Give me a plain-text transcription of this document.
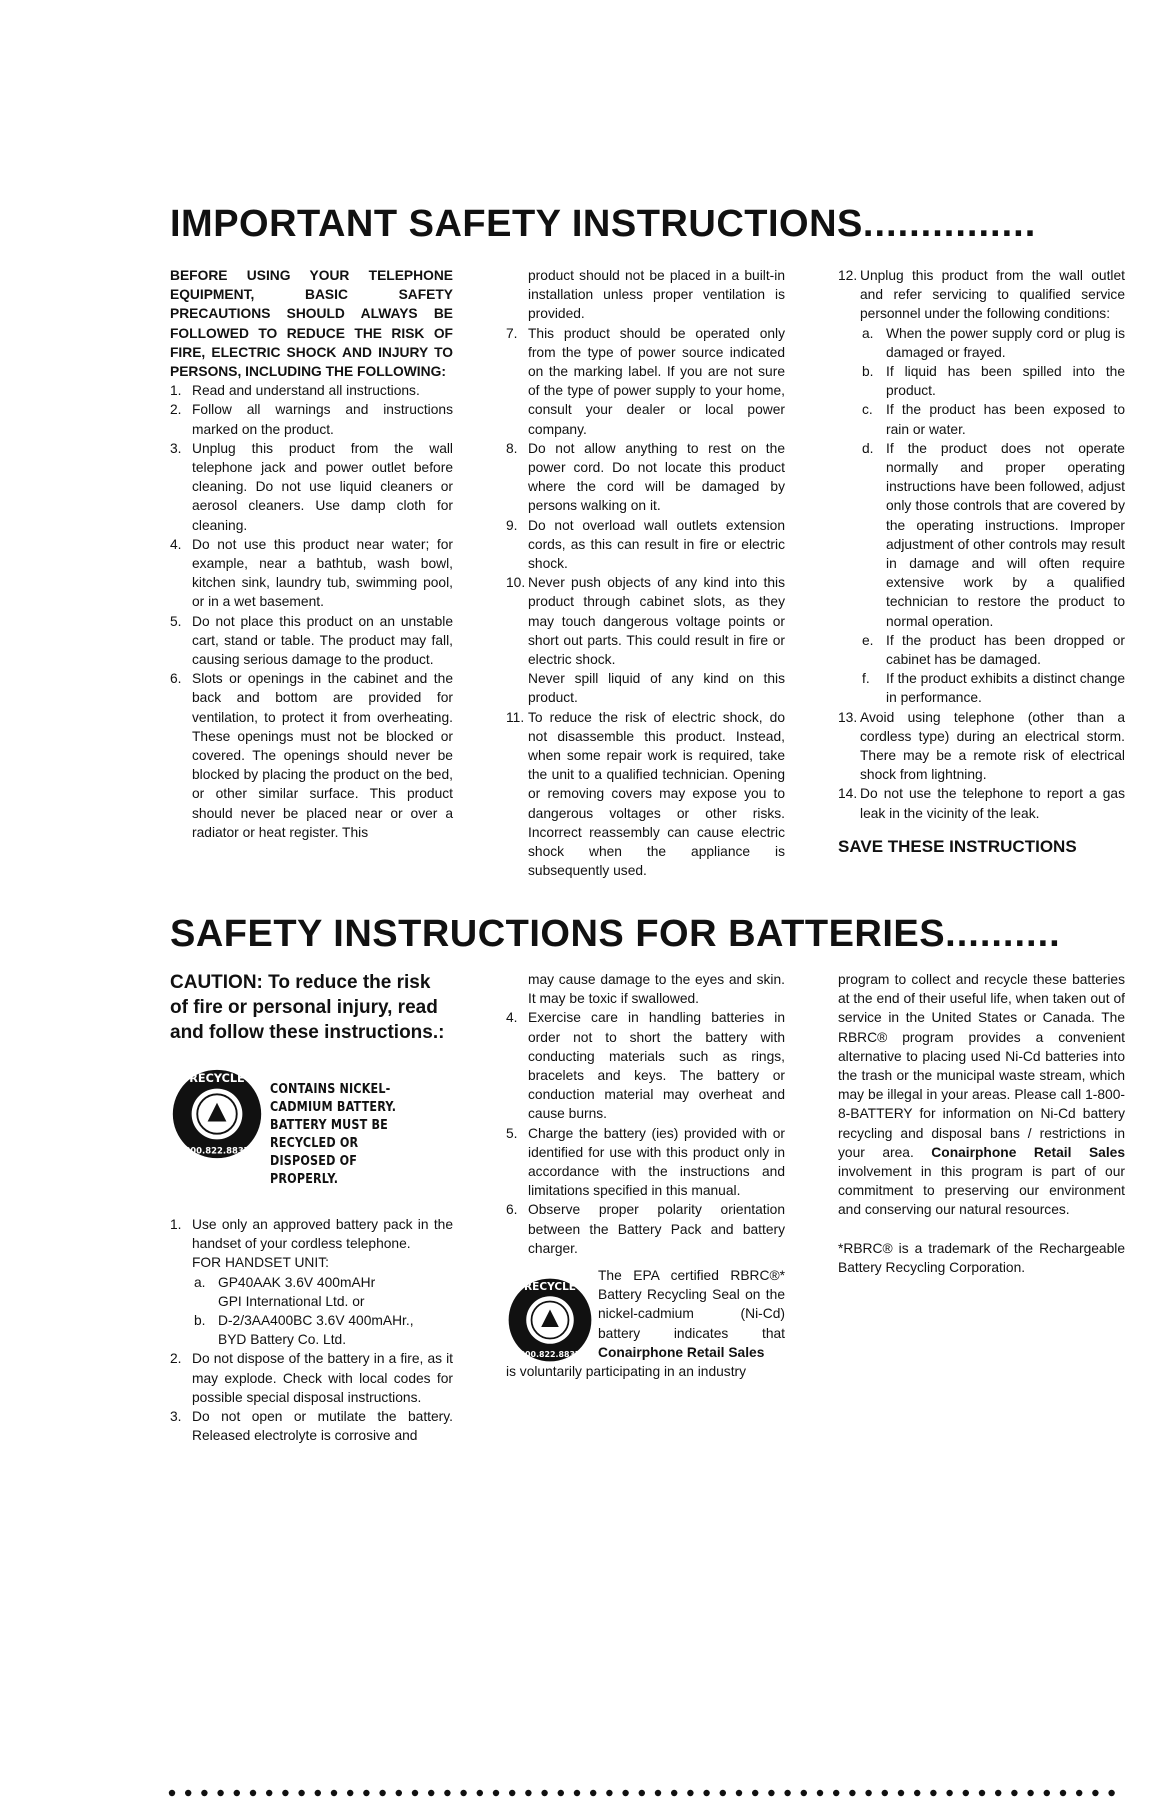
IMPORTANT SAFETY INSTRUCTIONS...............
BEFORE USING YOUR TELEPHONE EQUIPMENT, BASIC SAFETY PRECAUTIONS SHOULD ALWAYS BE FOLLOWED TO REDUCE THE RISK OF FIRE, ELECTRIC SHOCK AND INJURY TO PERSONS, INCLUDING THE FOLLOWING:
1. Read and understand all instructions.
2. Follow all warnings and instructions marked on the product.
3. Unplug this product from the wall telephone jack and power outlet before cleaning. Do not use liquid cleaners or aerosol cleaners. Use damp cloth for cleaning.
4. Do not use this product near water; for example, near a bathtub, wash bowl, kitchen sink, laundry tub, swimming pool, or in a wet basement.
5. Do not place this product on an unstable cart, stand or table. The product may fall, causing serious damage to the product.
6. Slots or openings in the cabinet and the back and bottom are provided for ventilation, to protect it from overheating. These openings must not be blocked or covered. The openings should never be blocked by placing the product on the bed, or other similar surface. This product should never be placed near or over a radiator or heat register. This
product should not be placed in a built-in installation unless proper ventilation is provided.
7. This product should be operated only from the type of power source indicated on the marking label. If you are not sure of the type of power supply to your home, consult your dealer or local power company.
8. Do not allow anything to rest on the power cord. Do not locate this product where the cord will be damaged by persons walking on it.
9. Do not overload wall outlets extension cords, as this can result in fire or electric shock.
10. Never push objects of any kind into this product through cabinet slots, as they may touch dangerous voltage points or short out parts. This could result in fire or electric shock.
Never spill liquid of any kind on this product.
11. To reduce the risk of electric shock, do not disassemble this product. Instead, when some repair work is required, take the unit to a qualified technician. Opening or removing covers may expose you to dangerous voltages or other risks. Incorrect reassembly can cause electric shock when the appliance is subsequently used.
12. Unplug this product from the wall outlet and refer servicing to qualified service personnel under the following conditions:
a. When the power supply cord or plug is damaged or frayed.
b. If liquid has been spilled into the product.
c. If the product has been exposed to rain or water.
d. If the product does not operate normally and proper operating instructions have been followed, adjust only those controls that are covered by the operating instructions. Improper adjustment of other controls may result in damage and will often require extensive work by a qualified technician to restore the product to normal operation.
e. If the product has been dropped or cabinet has be damaged.
f. If the product exhibits a distinct change in performance.
13. Avoid using telephone (other than a cordless type) during an electrical storm. There may be a remote risk of electrical shock from lightning.
14. Do not use the telephone to report a gas leak in the vicinity of the leak.
SAVE THESE INSTRUCTIONS
SAFETY INSTRUCTIONS FOR BATTERIES..........
CAUTION: To reduce the risk of fire or personal injury, read and follow these instructions.:
RECYCLE
800.822.8837
CONTAINS NICKEL-CADMIUM BATTERY. BATTERY MUST BE RECYCLED OR DISPOSED OF PROPERLY.
1. Use only an approved battery pack in the handset of your cordless telephone.
FOR HANDSET UNIT:
a. GP40AAK 3.6V 400mAHr
GPI International Ltd. or
b. D-2/3AA400BC 3.6V 400mAHr.,
BYD Battery Co. Ltd.
2. Do not dispose of the battery in a fire, as it may explode. Check with local codes for possible special disposal instructions.
3. Do not open or mutilate the battery. Released electrolyte is corrosive and
may cause damage to the eyes and skin. It may be toxic if swallowed.
4. Exercise care in handling batteries in order not to short the battery with conducting materials such as rings, bracelets and keys. The battery or conduction material may overheat and cause burns.
5. Charge the battery (ies) provided with or identified for use with this product only in accordance with the instructions and limitations specified in this manual.
6. Observe proper polarity orientation between the Battery Pack and battery charger.
RECYCLE
800.822.8837
The EPA certified RBRC®* Battery Recycling Seal on the nickel-cadmium (Ni-Cd) battery indicates that Conairphone Retail Sales
is voluntarily participating in an industry
program to collect and recycle these batteries at the end of their useful life, when taken out of service in the United States or Canada. The RBRC® program provides a convenient alternative to placing used Ni-Cd batteries into the trash or the municipal waste stream, which may be illegal in your areas. Please call 1-800-8-BATTERY for information on Ni-Cd battery recycling and disposal bans / restrictions in your area. Conairphone Retail Sales involvement in this program is part of our commitment to preserving our environment and conserving our natural resources.
*RBRC® is a trademark of the Rechargeable Battery Recycling Corporation.
